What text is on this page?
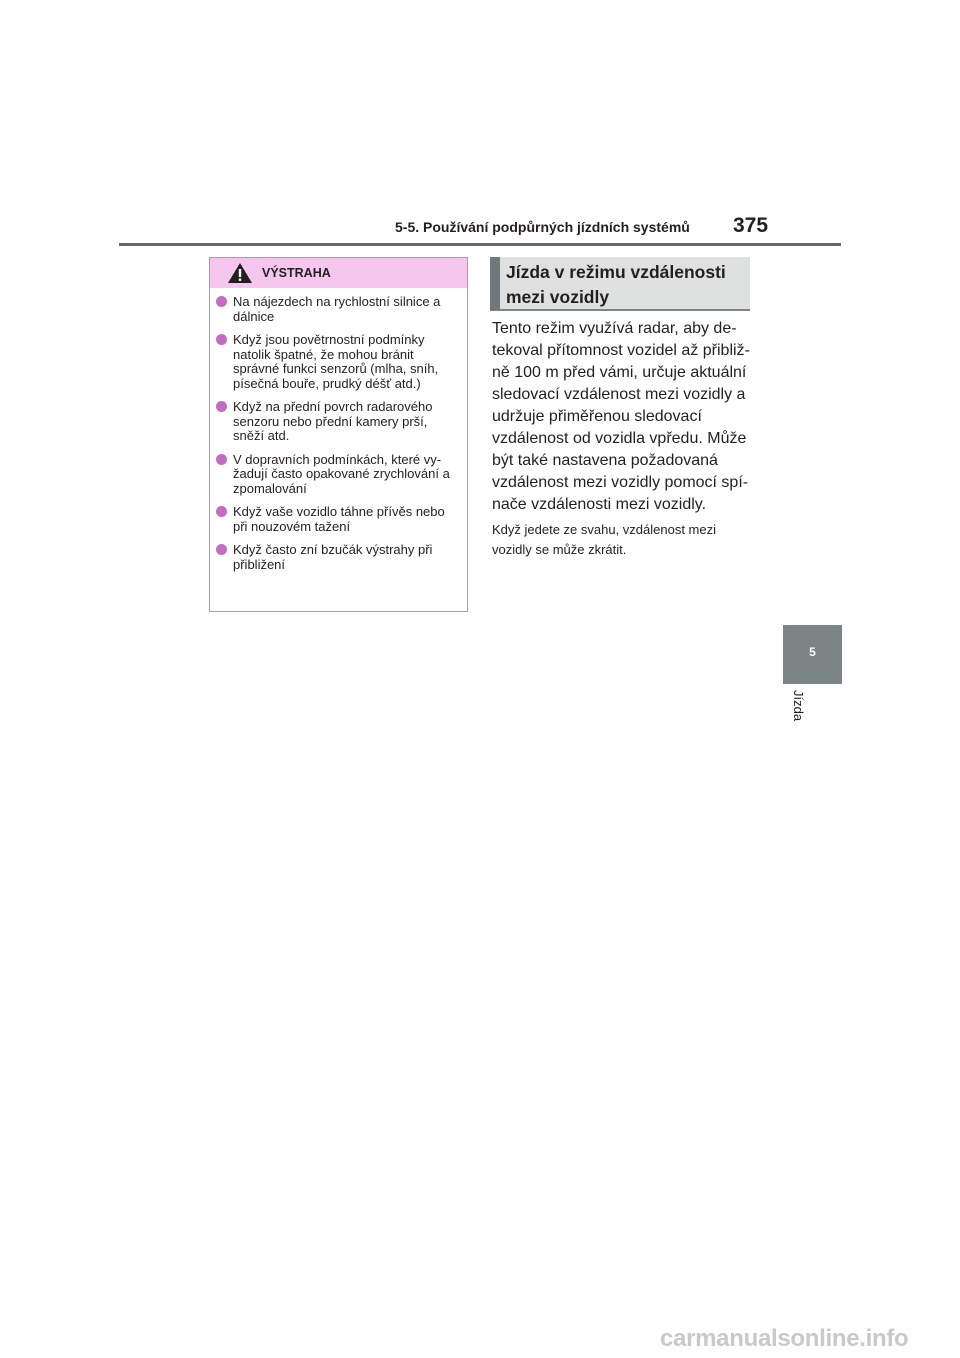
5-5. Používání podpůrných jízdních systémů 375
5
Jízda
VÝSTRAHA
Na nájezdech na rychlostní silnice a dálnice
Když jsou povětrnostní podmínky natolik špatné, že mohou bránit správné funkci senzorů (mlha, sníh, písečná bouře, prudký déšť atd.)
Když na přední povrch radarového senzoru nebo přední kamery prší, sněží atd.
V dopravních podmínkách, které vyžadují často opakované zrychlování a zpomalování
Když vaše vozidlo táhne přívěs nebo při nouzovém tažení
Když často zní bzučák výstrahy při přibližení
Jízda v režimu vzdálenosti mezi vozidly

Tento režim využívá radar, aby detekoval přítomnost vozidel až přibližně 100 m před vámi, určuje aktuální sledovací vzdálenost mezi vozidly a udržuje přiměřenou sledovací vzdálenost od vozidla vpředu. Může být také nastavena požadovaná vzdálenost mezi vozidly pomocí spínače vzdálenosti mezi vozidly.

Když jedete ze svahu, vzdálenost mezi vozidly se může zkrátit.

carmanualsonline.info
